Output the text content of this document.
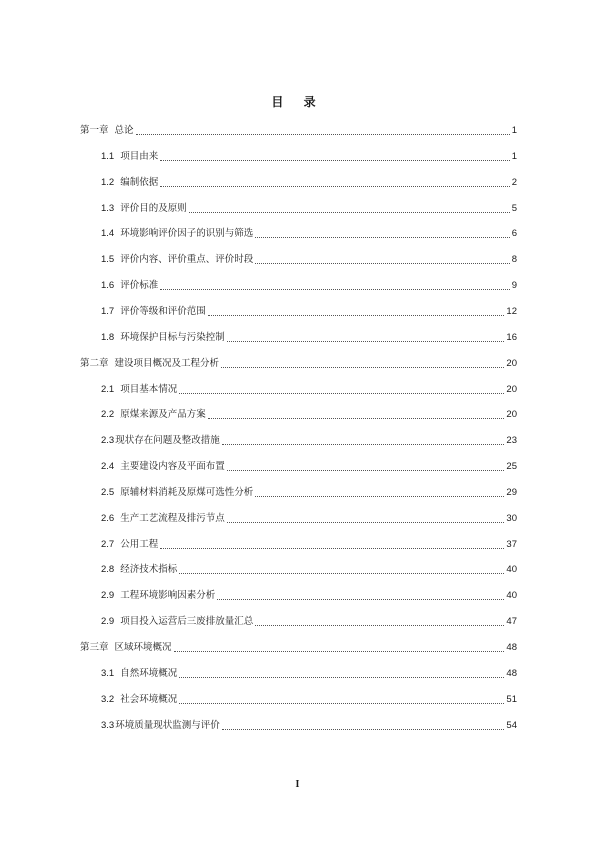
目 录
第一章 总论	1
1.1 项目由来	1
1.2 编制依据	2
1.3 评价目的及原则	5
1.4 环境影响评价因子的识别与筛选	6
1.5 评价内容、评价重点、评价时段	8
1.6 评价标准	9
1.7 评价等级和评价范围	12
1.8 环境保护目标与污染控制	16
第二章 建设项目概况及工程分析	20
2.1 项目基本情况	20
2.2 原煤来源及产品方案	20
2.3 现状存在问题及整改措施	23
2.4 主要建设内容及平面布置	25
2.5 原辅材料消耗及原煤可选性分析	29
2.6 生产工艺流程及排污节点	30
2.7 公用工程	37
2.8 经济技术指标	40
2.9 工程环境影响因素分析	40
2.9 项目投入运营后三废排放量汇总	47
第三章 区域环境概况	48
3.1 自然环境概况	48
3.2 社会环境概况	51
3.3 环境质量现状监测与评价	54
I
